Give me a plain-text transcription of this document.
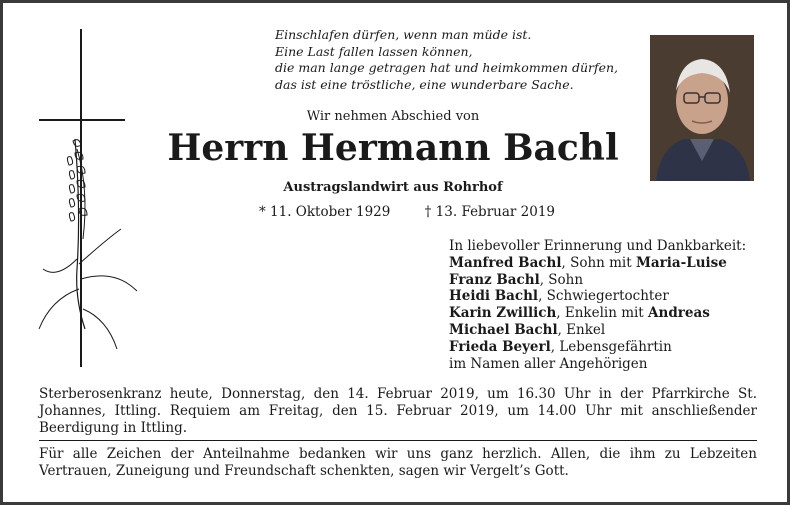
Einschlafen dürfen, wenn man müde ist.
Eine Last fallen lassen können,
die man lange getragen hat und heimkommen dürfen,
das ist eine tröstliche, eine wunderbare Sache.
Wir nehmen Abschied von
Herrn Hermann Bachl
Austragslandwirt aus Rohrhof
* 11. Oktober 1929	† 13. Februar 2019
In liebevoller Erinnerung und Dankbarkeit:
Manfred Bachl, Sohn mit Maria-Luise
Franz Bachl, Sohn
Heidi Bachl, Schwiegertochter
Karin Zwillich, Enkelin mit Andreas
Michael Bachl, Enkel
Frieda Beyerl, Lebensgefährtin
im Namen aller Angehörigen
Sterberosenkranz heute, Donnerstag, den 14. Februar 2019, um 16.30 Uhr in der Pfarrkirche St. Johannes, Ittling. Requiem am Freitag, den 15. Februar 2019, um 14.00 Uhr mit anschließender Beerdigung in Ittling.
Für alle Zeichen der Anteilnahme bedanken wir uns ganz herzlich. Allen, die ihm zu Lebzeiten Vertrauen, Zuneigung und Freundschaft schenkten, sagen wir Vergelt’s Gott.
